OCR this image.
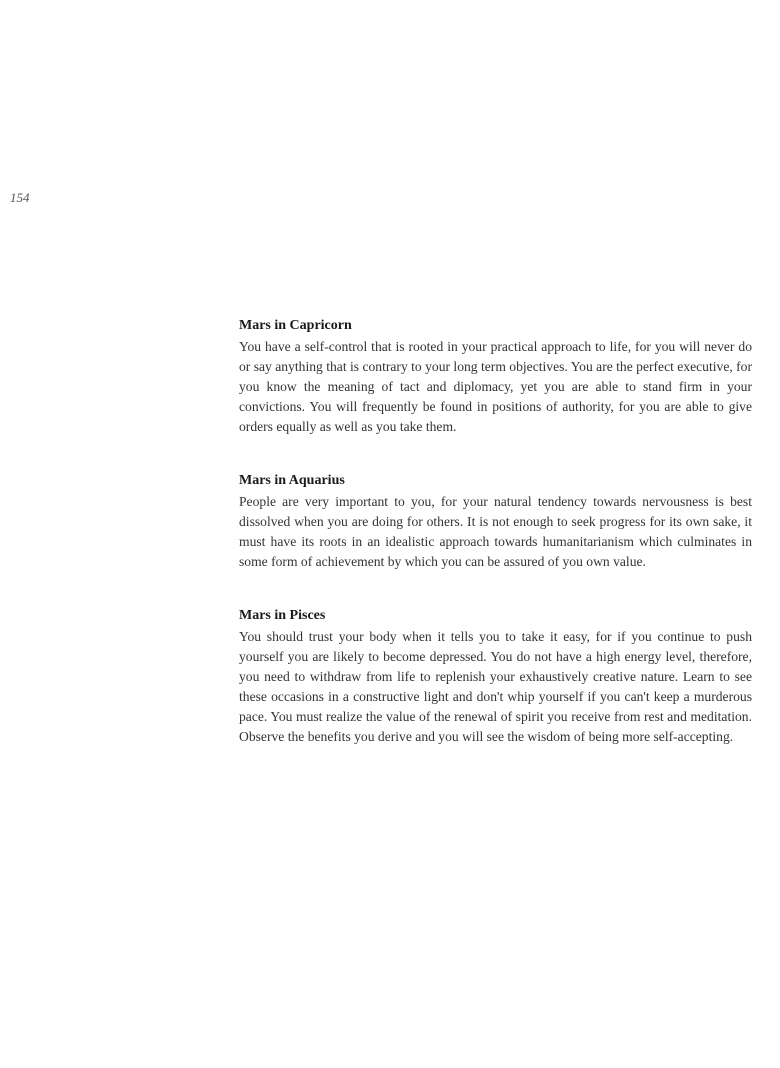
154
Mars in Capricorn

You have a self-control that is rooted in your practical approach to life, for you will never do or say anything that is contrary to your long term objectives. You are the perfect executive, for you know the meaning of tact and diplomacy, yet you are able to stand firm in your convictions. You will frequently be found in positions of authority, for you are able to give orders equally as well as you take them.

Mars in Aquarius

People are very important to you, for your natural tendency towards nervousness is best dissolved when you are doing for others. It is not enough to seek progress for its own sake, it must have its roots in an idealistic approach towards humanitarianism which culminates in some form of achievement by which you can be assured of you own value.

Mars in Pisces

You should trust your body when it tells you to take it easy, for if you continue to push yourself you are likely to become depressed. You do not have a high energy level, therefore, you need to withdraw from life to replenish your exhaustively creative nature. Learn to see these occasions in a constructive light and don't whip yourself if you can't keep a murderous pace. You must realize the value of the renewal of spirit you receive from rest and meditation. Observe the benefits you derive and you will see the wisdom of being more self-accepting.
